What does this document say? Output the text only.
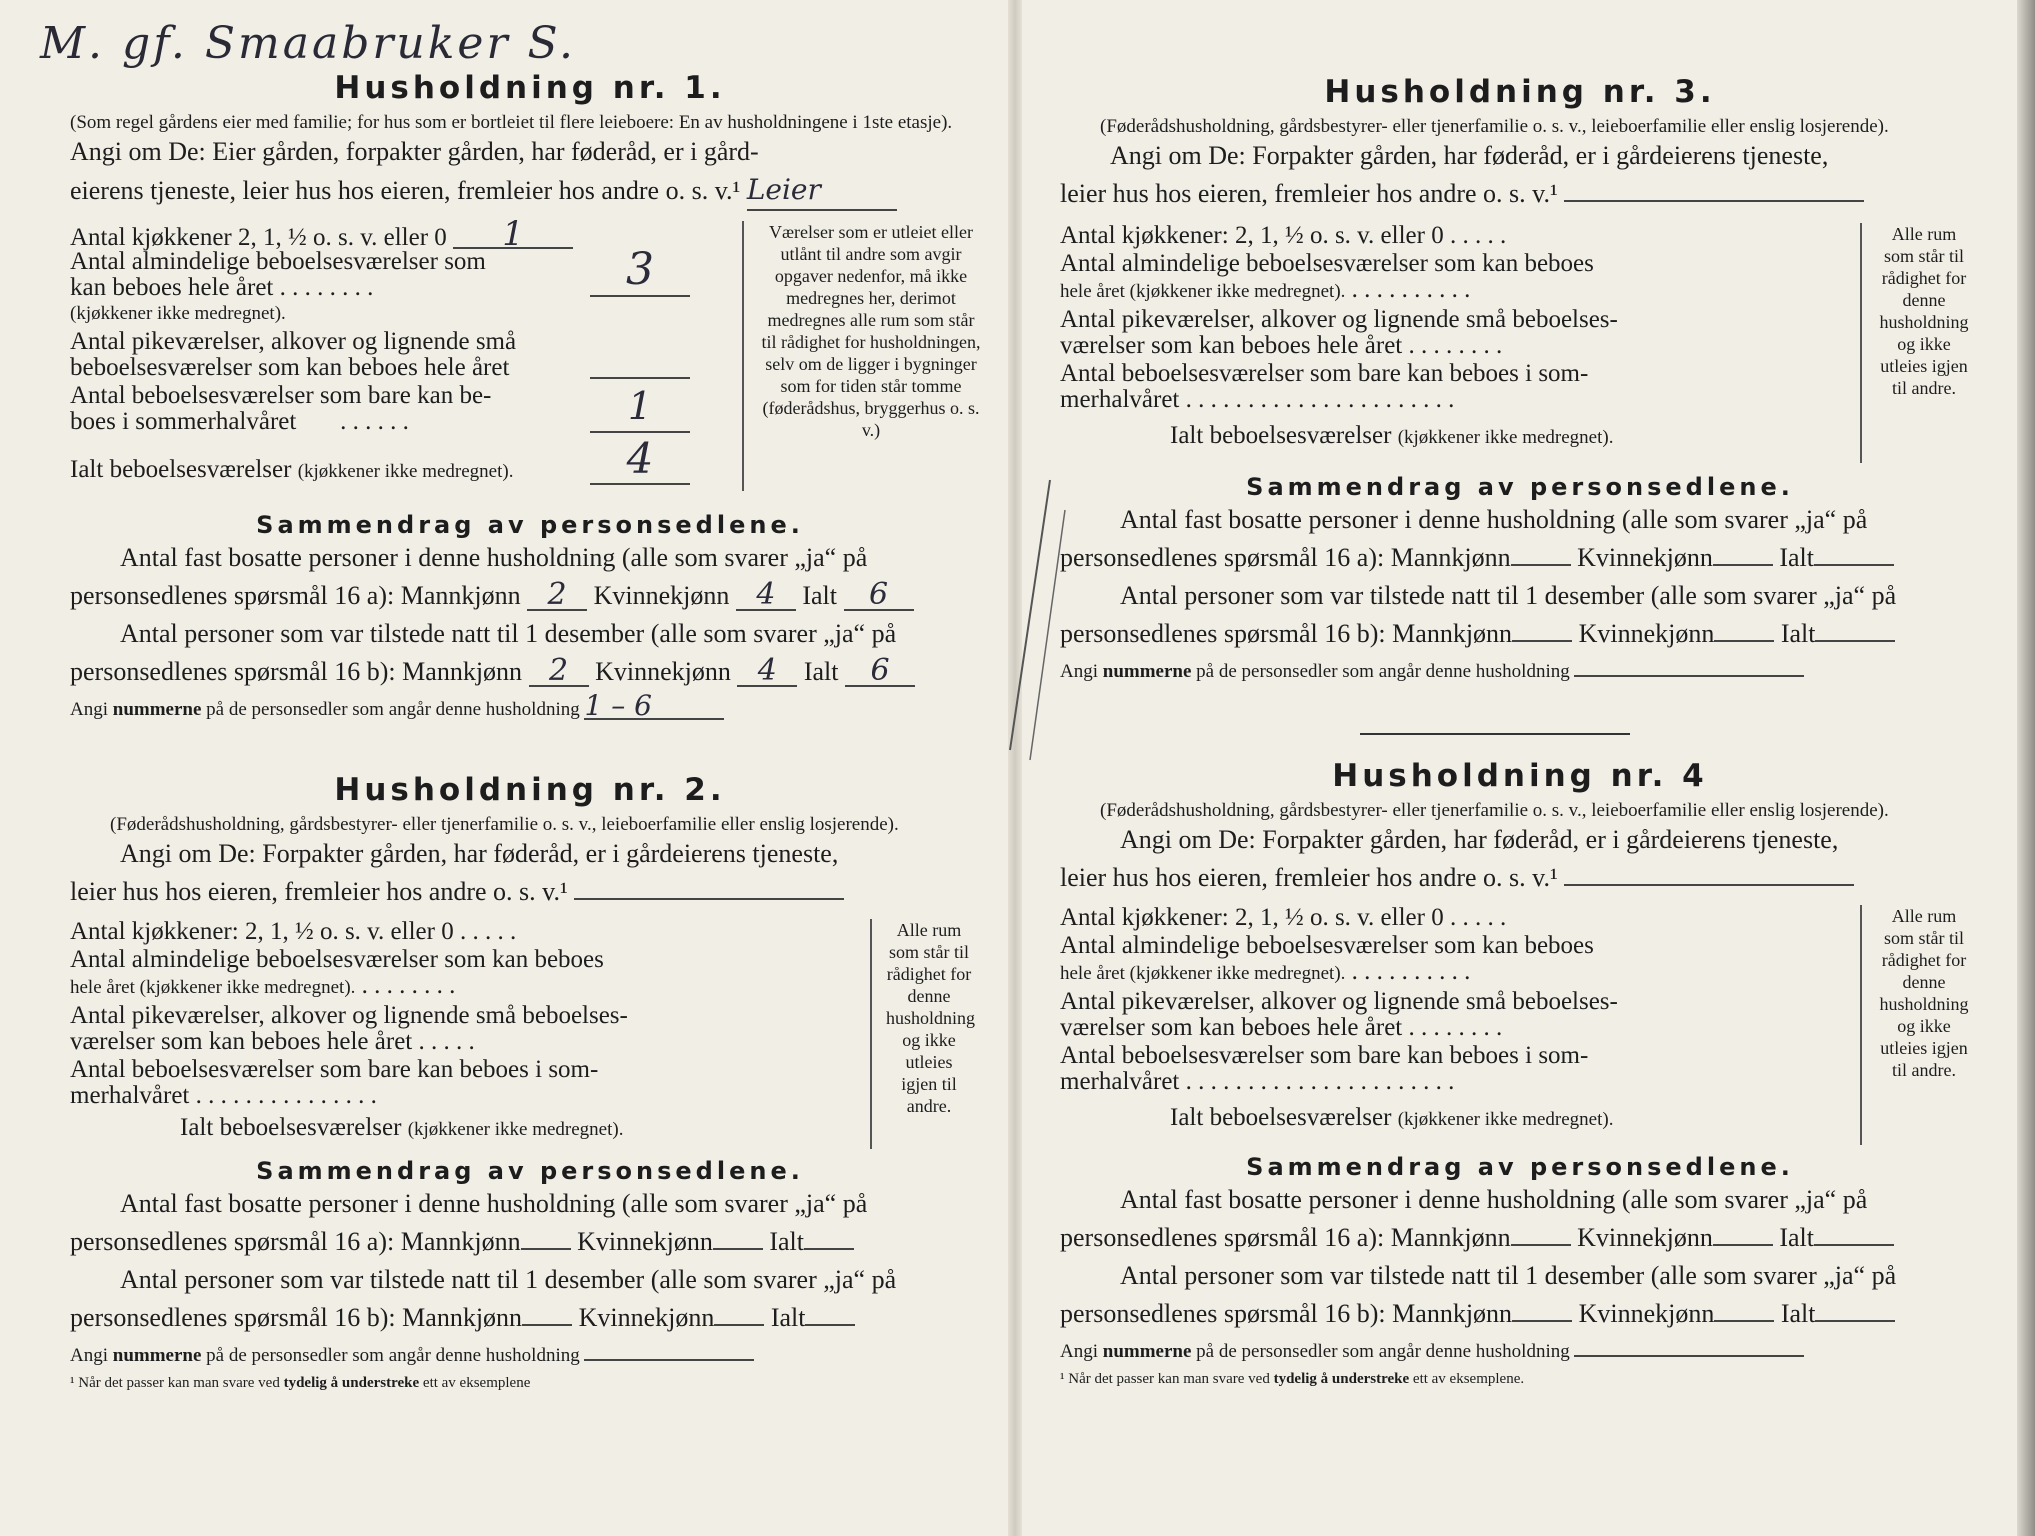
M. gf. Smaabruker S.
Husholdning nr. 1.

(Som regel gårdens eier med familie; for hus som er bortleiet til flere leieboere: En av husholdningene i 1ste etasje).

Angi om De: Eier gården, forpakter gården, har føderåd, er i gård-
eierens tjeneste, leier hus hos eieren, fremleier hos andre o. s. v.¹ Leier
Antal kjøkkener 2, 1, ½ o. s. v. eller 0 1
Antal almindelige beboelsesværelser som
kan beboes hele året . . . . . . . .
(kjøkkener ikke medregnet).
3
Antal pikeværelser, alkover og lignende små
beboelsesværelser som kan beboes hele året
Antal beboelsesværelser som bare kan be-
boes i sommerhalvåret       . . . . . .	1
Ialt beboelsesværelser (kjøkkener ikke medregnet).	4
Værelser som er utleiet eller utlånt til andre som avgir opgaver nedenfor, må ikke medregnes her, derimot medregnes alle rum som står til rådighet for husholdningen, selv om de ligger i bygninger som for tiden står tomme (føderådshus, bryggerhus o. s. v.)
Sammendrag av personsedlene.
Antal fast bosatte personer i denne husholdning (alle som svarer „ja“ på
personsedlenes spørsmål 16 a): Mannkjønn 2 Kvinnekjønn 4 Ialt 6
Antal personer som var tilstede natt til 1 desember (alle som svarer „ja“ på
personsedlenes spørsmål 16 b): Mannkjønn 2 Kvinnekjønn 4 Ialt 6
Angi nummerne på de personsedler som angår denne husholdning 1 – 6
Husholdning nr. 2.

(Føderådshusholdning, gårdsbestyrer- eller tjenerfamilie o. s. v., leieboerfamilie eller enslig losjerende).

Angi om De: Forpakter gården, har føderåd, er i gårdeierens tjeneste,
leier hus hos eieren, fremleier hos andre o. s. v.¹
Antal kjøkkener: 2, 1, ½ o. s. v. eller 0 . . . . .
Antal almindelige beboelsesværelser som kan beboes
hele året (kjøkkener ikke medregnet). . . . . . . . .
Antal pikeværelser, alkover og lignende små beboelses-
værelser som kan beboes hele året . . . . .
Antal beboelsesværelser som bare kan beboes i som-
merhalvåret . . . . . . . . . . . . . . .
Ialt beboelsesværelser (kjøkkener ikke medregnet).
Alle rum som står til rådighet for denne husholdning og ikke utleies igjen til andre.
Sammendrag av personsedlene.
Antal fast bosatte personer i denne husholdning (alle som svarer „ja“ på
personsedlenes spørsmål 16 a): Mannkjønn Kvinnekjønn Ialt
Antal personer som var tilstede natt til 1 desember (alle som svarer „ja“ på
personsedlenes spørsmål 16 b): Mannkjønn Kvinnekjønn Ialt
Angi nummerne på de personsedler som angår denne husholdning
¹ Når det passer kan man svare ved tydelig å understreke ett av eksemplene
Husholdning nr. 3.

(Føderådshusholdning, gårdsbestyrer- eller tjenerfamilie o. s. v., leieboerfamilie eller enslig losjerende).

Angi om De: Forpakter gården, har føderåd, er i gårdeierens tjeneste,
leier hus hos eieren, fremleier hos andre o. s. v.¹
Antal kjøkkener: 2, 1, ½ o. s. v. eller 0 . . . . .
Antal almindelige beboelsesværelser som kan beboes
hele året (kjøkkener ikke medregnet). . . . . . . . . . .
Antal pikeværelser, alkover og lignende små beboelses-
værelser som kan beboes hele året . . . . . . . .
Antal beboelsesværelser som bare kan beboes i som-
merhalvåret . . . . . . . . . . . . . . . . . . . . . .
Ialt beboelsesværelser (kjøkkener ikke medregnet).
Alle rum som står til rådighet for denne husholdning og ikke utleies igjen til andre.
Sammendrag av personsedlene.
Antal fast bosatte personer i denne husholdning (alle som svarer „ja“ på
personsedlenes spørsmål 16 a): Mannkjønn	Kvinnekjønn	Ialt
Antal personer som var tilstede natt til 1 desember (alle som svarer „ja“ på
personsedlenes spørsmål 16 b): Mannkjønn	Kvinnekjønn	Ialt
Angi nummerne på de personsedler som angår denne husholdning
Husholdning nr. 4

(Føderådshusholdning, gårdsbestyrer- eller tjenerfamilie o. s. v., leieboerfamilie eller enslig losjerende).

Angi om De: Forpakter gården, har føderåd, er i gårdeierens tjeneste,
leier hus hos eieren, fremleier hos andre o. s. v.¹
Antal kjøkkener: 2, 1, ½ o. s. v. eller 0 . . . . .
Antal almindelige beboelsesværelser som kan beboes
hele året (kjøkkener ikke medregnet). . . . . . . . . . .
Antal pikeværelser, alkover og lignende små beboelses-
værelser som kan beboes hele året . . . . . . . .
Antal beboelsesværelser som bare kan beboes i som-
merhalvåret . . . . . . . . . . . . . . . . . . . . . .
Ialt beboelsesværelser (kjøkkener ikke medregnet).
Alle rum som står til rådighet for denne husholdning og ikke utleies igjen til andre.
Sammendrag av personsedlene.
Antal fast bosatte personer i denne husholdning (alle som svarer „ja“ på
personsedlenes spørsmål 16 a): Mannkjønn	Kvinnekjønn	Ialt
Antal personer som var tilstede natt til 1 desember (alle som svarer „ja“ på
personsedlenes spørsmål 16 b): Mannkjønn	Kvinnekjønn	Ialt
Angi nummerne på de personsedler som angår denne husholdning
¹ Når det passer kan man svare ved tydelig å understreke ett av eksemplene.
